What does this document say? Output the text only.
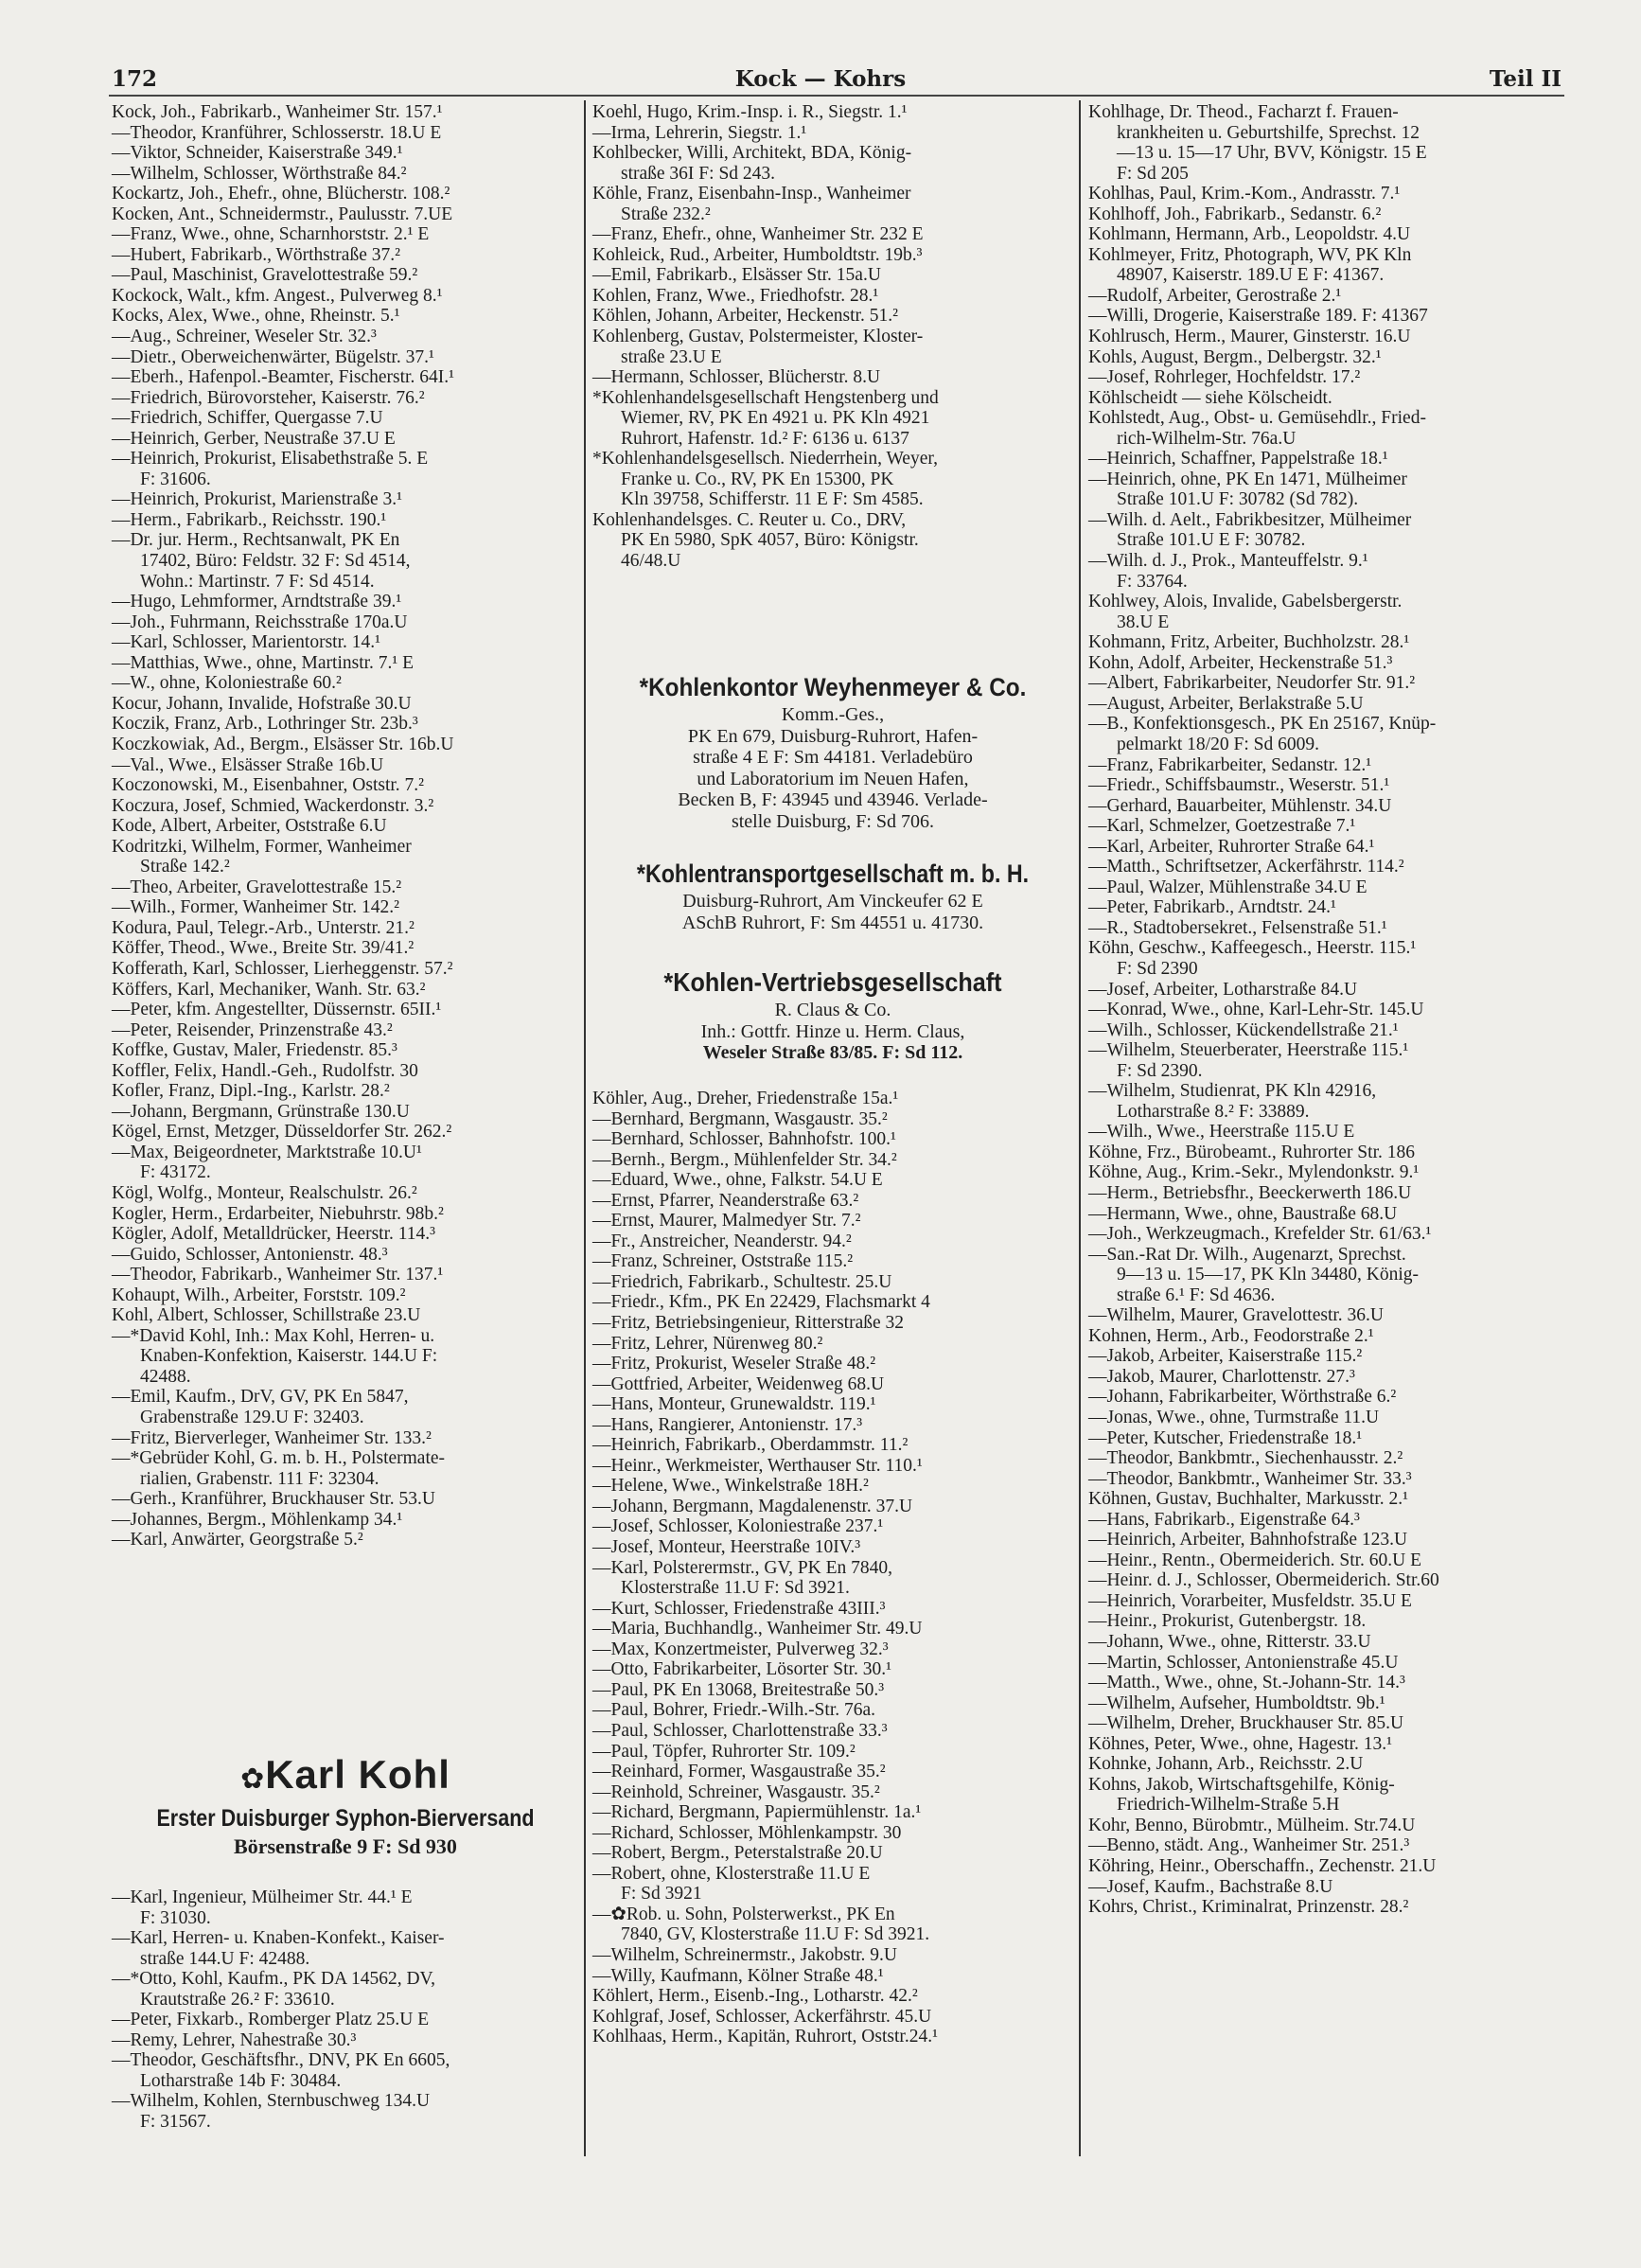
172	Kock — Kohrs	Teil II
Kock, Joh., Fabrikarb., Wanheimer Str. 157.¹
—Theodor, Kranführer, Schlosserstr. 18.U E
—Viktor, Schneider, Kaiserstraße 349.¹
—Wilhelm, Schlosser, Wörthstraße 84.²
Kockartz, Joh., Ehefr., ohne, Blücherstr. 108.²
Kocken, Ant., Schneidermstr., Paulusstr. 7.UE
—Franz, Wwe., ohne, Scharnhorststr. 2.¹ E
—Hubert, Fabrikarb., Wörthstraße 37.²
—Paul, Maschinist, Gravelottestraße 59.²
Kockock, Walt., kfm. Angest., Pulverweg 8.¹
Kocks, Alex, Wwe., ohne, Rheinstr. 5.¹
—Aug., Schreiner, Weseler Str. 32.³
—Dietr., Oberweichenwärter, Bügelstr. 37.¹
—Eberh., Hafenpol.-Beamter, Fischerstr. 64I.¹
—Friedrich, Bürovorsteher, Kaiserstr. 76.²
—Friedrich, Schiffer, Quergasse 7.U
—Heinrich, Gerber, Neustraße 37.U E
—Heinrich, Prokurist, Elisabethstraße 5. E
F: 31606.
—Heinrich, Prokurist, Marienstraße 3.¹
—Herm., Fabrikarb., Reichsstr. 190.¹
—Dr. jur. Herm., Rechtsanwalt, PK En
17402, Büro: Feldstr. 32 F: Sd 4514,
Wohn.: Martinstr. 7 F: Sd 4514.
—Hugo, Lehmformer, Arndtstraße 39.¹
—Joh., Fuhrmann, Reichsstraße 170a.U
—Karl, Schlosser, Marientorstr. 14.¹
—Matthias, Wwe., ohne, Martinstr. 7.¹ E
—W., ohne, Koloniestraße 60.²
Kocur, Johann, Invalide, Hofstraße 30.U
Koczik, Franz, Arb., Lothringer Str. 23b.³
Koczkowiak, Ad., Bergm., Elsässer Str. 16b.U
—Val., Wwe., Elsässer Straße 16b.U
Koczonowski, M., Eisenbahner, Oststr. 7.²
Koczura, Josef, Schmied, Wackerdonstr. 3.²
Kode, Albert, Arbeiter, Oststraße 6.U
Kodritzki, Wilhelm, Former, Wanheimer
Straße 142.²
—Theo, Arbeiter, Gravelottestraße 15.²
—Wilh., Former, Wanheimer Str. 142.²
Kodura, Paul, Telegr.-Arb., Unterstr. 21.²
Köffer, Theod., Wwe., Breite Str. 39/41.²
Kofferath, Karl, Schlosser, Lierheggenstr. 57.²
Köffers, Karl, Mechaniker, Wanh. Str. 63.²
—Peter, kfm. Angestellter, Düssernstr. 65II.¹
—Peter, Reisender, Prinzenstraße 43.²
Koffke, Gustav, Maler, Friedenstr. 85.³
Koffler, Felix, Handl.-Geh., Rudolfstr. 30
Kofler, Franz, Dipl.-Ing., Karlstr. 28.²
—Johann, Bergmann, Grünstraße 130.U
Kögel, Ernst, Metzger, Düsseldorfer Str. 262.²
—Max, Beigeordneter, Marktstraße 10.U¹
F: 43172.
Kögl, Wolfg., Monteur, Realschulstr. 26.²
Kogler, Herm., Erdarbeiter, Niebuhrstr. 98b.²
Kögler, Adolf, Metalldrücker, Heerstr. 114.³
—Guido, Schlosser, Antonienstr. 48.³
—Theodor, Fabrikarb., Wanheimer Str. 137.¹
Kohaupt, Wilh., Arbeiter, Forststr. 109.²
Kohl, Albert, Schlosser, Schillstraße 23.U
—*David Kohl, Inh.: Max Kohl, Herren- u.
Knaben-Konfektion, Kaiserstr. 144.U F:
42488.
—Emil, Kaufm., DrV, GV, PK En 5847,
Grabenstraße 129.U F: 32403.
—Fritz, Bierverleger, Wanheimer Str. 133.²
—*Gebrüder Kohl, G. m. b. H., Polstermate-
rialien, Grabenstr. 111 F: 32304.
—Gerh., Kranführer, Bruckhauser Str. 53.U
—Johannes, Bergm., Möhlenkamp 34.¹
—Karl, Anwärter, Georgstraße 5.²
✿Karl Kohl
Erster Duisburger Syphon-Bierversand
Börsenstraße 9 F: Sd 930
—Karl, Ingenieur, Mülheimer Str. 44.¹ E
F: 31030.
—Karl, Herren- u. Knaben-Konfekt., Kaiser-
straße 144.U F: 42488.
—*Otto, Kohl, Kaufm., PK DA 14562, DV,
Krautstraße 26.² F: 33610.
—Peter, Fixkarb., Romberger Platz 25.U E
—Remy, Lehrer, Nahestraße 30.³
—Theodor, Geschäftsfhr., DNV, PK En 6605,
Lotharstraße 14b F: 30484.
—Wilhelm, Kohlen, Sternbuschweg 134.U
F: 31567.
Koehl, Hugo, Krim.-Insp. i. R., Siegstr. 1.¹
—Irma, Lehrerin, Siegstr. 1.¹
Kohlbecker, Willi, Architekt, BDA, König-
straße 36I F: Sd 243.
Köhle, Franz, Eisenbahn-Insp., Wanheimer
Straße 232.²
—Franz, Ehefr., ohne, Wanheimer Str. 232 E
Kohleick, Rud., Arbeiter, Humboldtstr. 19b.³
—Emil, Fabrikarb., Elsässer Str. 15a.U
Kohlen, Franz, Wwe., Friedhofstr. 28.¹
Köhlen, Johann, Arbeiter, Heckenstr. 51.²
Kohlenberg, Gustav, Polstermeister, Kloster-
straße 23.U E
—Hermann, Schlosser, Blücherstr. 8.U
*Kohlenhandelsgesellschaft Hengstenberg und
Wiemer, RV, PK En 4921 u. PK Kln 4921
Ruhrort, Hafenstr. 1d.² F: 6136 u. 6137
*Kohlenhandelsgesellsch. Niederrhein, Weyer,
Franke u. Co., RV, PK En 15300, PK
Kln 39758, Schifferstr. 11 E F: Sm 4585.
Kohlenhandelsges. C. Reuter u. Co., DRV,
PK En 5980, SpK 4057, Büro: Königstr.
46/48.U
*Kohlenkontor Weyhenmeyer & Co.
Komm.-Ges.,
PK En 679, Duisburg-Ruhrort, Hafen-
straße 4 E F: Sm 44181. Verladebüro
und Laboratorium im Neuen Hafen,
Becken B, F: 43945 und 43946. Verlade-
stelle Duisburg, F: Sd 706.
*Kohlentransportgesellschaft m. b. H.
Duisburg-Ruhrort, Am Vinckeufer 62 E
ASchB Ruhrort, F: Sm 44551 u. 41730.
*Kohlen-Vertriebsgesellschaft
R. Claus & Co.
Inh.: Gottfr. Hinze u. Herm. Claus,
Weseler Straße 83/85. F: Sd 112.
Köhler, Aug., Dreher, Friedenstraße 15a.¹
—Bernhard, Bergmann, Wasgaustr. 35.²
—Bernhard, Schlosser, Bahnhofstr. 100.¹
—Bernh., Bergm., Mühlenfelder Str. 34.²
—Eduard, Wwe., ohne, Falkstr. 54.U E
—Ernst, Pfarrer, Neanderstraße 63.²
—Ernst, Maurer, Malmedyer Str. 7.²
—Fr., Anstreicher, Neanderstr. 94.²
—Franz, Schreiner, Oststraße 115.²
—Friedrich, Fabrikarb., Schultestr. 25.U
—Friedr., Kfm., PK En 22429, Flachsmarkt 4
—Fritz, Betriebsingenieur, Ritterstraße 32
—Fritz, Lehrer, Nürenweg 80.²
—Fritz, Prokurist, Weseler Straße 48.²
—Gottfried, Arbeiter, Weidenweg 68.U
—Hans, Monteur, Grunewaldstr. 119.¹
—Hans, Rangierer, Antonienstr. 17.³
—Heinrich, Fabrikarb., Oberdammstr. 11.²
—Heinr., Werkmeister, Werthauser Str. 110.¹
—Helene, Wwe., Winkelstraße 18H.²
—Johann, Bergmann, Magdalenenstr. 37.U
—Josef, Schlosser, Koloniestraße 237.¹
—Josef, Monteur, Heerstraße 10IV.³
—Karl, Polsterermstr., GV, PK En 7840,
Klosterstraße 11.U F: Sd 3921.
—Kurt, Schlosser, Friedenstraße 43III.³
—Maria, Buchhandlg., Wanheimer Str. 49.U
—Max, Konzertmeister, Pulverweg 32.³
—Otto, Fabrikarbeiter, Lösorter Str. 30.¹
—Paul, PK En 13068, Breitestraße 50.³
—Paul, Bohrer, Friedr.-Wilh.-Str. 76a.
—Paul, Schlosser, Charlottenstraße 33.³
—Paul, Töpfer, Ruhrorter Str. 109.²
—Reinhard, Former, Wasgaustraße 35.²
—Reinhold, Schreiner, Wasgaustr. 35.²
—Richard, Bergmann, Papiermühlenstr. 1a.¹
—Richard, Schlosser, Möhlenkampstr. 30
—Robert, Bergm., Peterstalstraße 20.U
—Robert, ohne, Klosterstraße 11.U E
F: Sd 3921
—✿Rob. u. Sohn, Polsterwerkst., PK En
7840, GV, Klosterstraße 11.U F: Sd 3921.
—Wilhelm, Schreinermstr., Jakobstr. 9.U
—Willy, Kaufmann, Kölner Straße 48.¹
Köhlert, Herm., Eisenb.-Ing., Lotharstr. 42.²
Kohlgraf, Josef, Schlosser, Ackerfährstr. 45.U
Kohlhaas, Herm., Kapitän, Ruhrort, Oststr.24.¹
Kohlhage, Dr. Theod., Facharzt f. Frauen-
krankheiten u. Geburtshilfe, Sprechst. 12
—13 u. 15—17 Uhr, BVV, Königstr. 15 E
F: Sd 205
Kohlhas, Paul, Krim.-Kom., Andrasstr. 7.¹
Kohlhoff, Joh., Fabrikarb., Sedanstr. 6.²
Kohlmann, Hermann, Arb., Leopoldstr. 4.U
Kohlmeyer, Fritz, Photograph, WV, PK Kln
48907, Kaiserstr. 189.U E F: 41367.
—Rudolf, Arbeiter, Gerostraße 2.¹
—Willi, Drogerie, Kaiserstraße 189. F: 41367
Kohlrusch, Herm., Maurer, Ginsterstr. 16.U
Kohls, August, Bergm., Delbergstr. 32.¹
—Josef, Rohrleger, Hochfeldstr. 17.²
Köhlscheidt — siehe Kölscheidt.
Kohlstedt, Aug., Obst- u. Gemüsehdlr., Fried-
rich-Wilhelm-Str. 76a.U
—Heinrich, Schaffner, Pappelstraße 18.¹
—Heinrich, ohne, PK En 1471, Mülheimer
Straße 101.U F: 30782 (Sd 782).
—Wilh. d. Aelt., Fabrikbesitzer, Mülheimer
Straße 101.U E F: 30782.
—Wilh. d. J., Prok., Manteuffelstr. 9.¹
F: 33764.
Kohlwey, Alois, Invalide, Gabelsbergerstr.
38.U E
Kohmann, Fritz, Arbeiter, Buchholzstr. 28.¹
Kohn, Adolf, Arbeiter, Heckenstraße 51.³
—Albert, Fabrikarbeiter, Neudorfer Str. 91.²
—August, Arbeiter, Berlakstraße 5.U
—B., Konfektionsgesch., PK En 25167, Knüp-
pelmarkt 18/20 F: Sd 6009.
—Franz, Fabrikarbeiter, Sedanstr. 12.¹
—Friedr., Schiffsbaumstr., Weserstr. 51.¹
—Gerhard, Bauarbeiter, Mühlenstr. 34.U
—Karl, Schmelzer, Goetzestraße 7.¹
—Karl, Arbeiter, Ruhrorter Straße 64.¹
—Matth., Schriftsetzer, Ackerfährstr. 114.²
—Paul, Walzer, Mühlenstraße 34.U E
—Peter, Fabrikarb., Arndtstr. 24.¹
—R., Stadtobersekret., Felsenstraße 51.¹
Köhn, Geschw., Kaffeegesch., Heerstr. 115.¹
F: Sd 2390
—Josef, Arbeiter, Lotharstraße 84.U
—Konrad, Wwe., ohne, Karl-Lehr-Str. 145.U
—Wilh., Schlosser, Kückendellstraße 21.¹
—Wilhelm, Steuerberater, Heerstraße 115.¹
F: Sd 2390.
—Wilhelm, Studienrat, PK Kln 42916,
Lotharstraße 8.² F: 33889.
—Wilh., Wwe., Heerstraße 115.U E
Köhne, Frz., Bürobeamt., Ruhrorter Str. 186
Köhne, Aug., Krim.-Sekr., Mylendonkstr. 9.¹
—Herm., Betriebsfhr., Beeckerwerth 186.U
—Hermann, Wwe., ohne, Baustraße 68.U
—Joh., Werkzeugmach., Krefelder Str. 61/63.¹
—San.-Rat Dr. Wilh., Augenarzt, Sprechst.
9—13 u. 15—17, PK Kln 34480, König-
straße 6.¹ F: Sd 4636.
—Wilhelm, Maurer, Gravelottestr. 36.U
Kohnen, Herm., Arb., Feodorstraße 2.¹
—Jakob, Arbeiter, Kaiserstraße 115.²
—Jakob, Maurer, Charlottenstr. 27.³
—Johann, Fabrikarbeiter, Wörthstraße 6.²
—Jonas, Wwe., ohne, Turmstraße 11.U
—Peter, Kutscher, Friedenstraße 18.¹
—Theodor, Bankbmtr., Siechenhausstr. 2.²
—Theodor, Bankbmtr., Wanheimer Str. 33.³
Köhnen, Gustav, Buchhalter, Markusstr. 2.¹
—Hans, Fabrikarb., Eigenstraße 64.³
—Heinrich, Arbeiter, Bahnhofstraße 123.U
—Heinr., Rentn., Obermeiderich. Str. 60.U E
—Heinr. d. J., Schlosser, Obermeiderich. Str.60
—Heinrich, Vorarbeiter, Musfeldstr. 35.U E
—Heinr., Prokurist, Gutenbergstr. 18.
—Johann, Wwe., ohne, Ritterstr. 33.U
—Martin, Schlosser, Antonienstraße 45.U
—Matth., Wwe., ohne, St.-Johann-Str. 14.³
—Wilhelm, Aufseher, Humboldtstr. 9b.¹
—Wilhelm, Dreher, Bruckhauser Str. 85.U
Köhnes, Peter, Wwe., ohne, Hagestr. 13.¹
Kohnke, Johann, Arb., Reichsstr. 2.U
Kohns, Jakob, Wirtschaftsgehilfe, König-
Friedrich-Wilhelm-Straße 5.H
Kohr, Benno, Bürobmtr., Mülheim. Str.74.U
—Benno, städt. Ang., Wanheimer Str. 251.³
Köhring, Heinr., Oberschaffn., Zechenstr. 21.U
—Josef, Kaufm., Bachstraße 8.U
Kohrs, Christ., Kriminalrat, Prinzenstr. 28.²
